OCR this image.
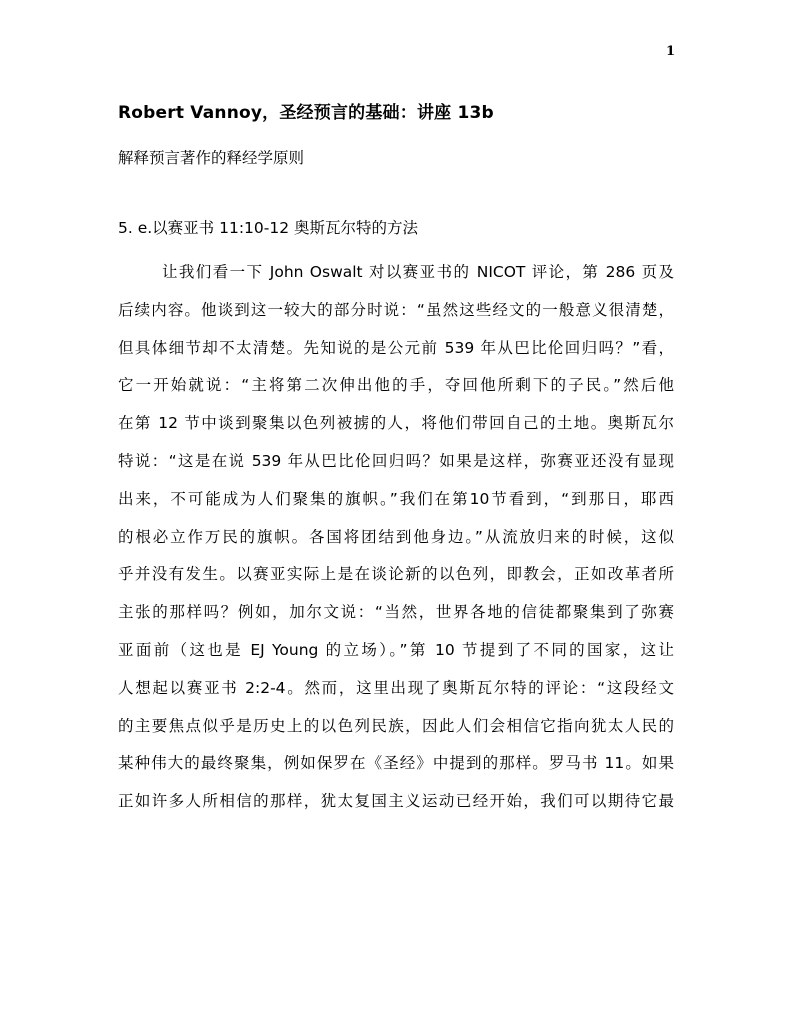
1
Robert Vannoy，圣经预言的基础：讲座 13b
解释预言著作的释经学原则
5. e.以赛亚书 11:10-12 奥斯瓦尔特的方法
让我们看一下 John Oswalt 对以赛亚书的 NICOT 评论，第 286 页及
后续内容。他谈到这一较大的部分时说：“虽然这些经文的一般意义很清楚，
但具体细节却不太清楚。先知说的是公元前 539 年从巴比伦回归吗？”看，
它一开始就说：“主将第二次伸出他的手，夺回他所剩下的子民。”然后他
在第 12 节中谈到聚集以色列被掳的人，将他们带回自己的土地。奥斯瓦尔
特说：“这是在说 539 年从巴比伦回归吗？如果是这样，弥赛亚还没有显现
出来，不可能成为人们聚集的旗帜。”我们在第10节看到，“到那日，耶西
的根必立作万民的旗帜。各国将团结到他身边。”从流放归来的时候，这似
乎并没有发生。以赛亚实际上是在谈论新的以色列，即教会，正如改革者所
主张的那样吗？例如，加尔文说：“当然，世界各地的信徒都聚集到了弥赛
亚面前（这也是 EJ Young 的立场）。”第 10 节提到了不同的国家，这让
人想起以赛亚书 2:2-4。然而，这里出现了奥斯瓦尔特的评论：“这段经文
的主要焦点似乎是历史上的以色列民族，因此人们会相信它指向犹太人民的
某种伟大的最终聚集，例如保罗在《圣经》中提到的那样。罗马书 11。如果
正如许多人所相信的那样，犹太复国主义运动已经开始，我们可以期待它最
